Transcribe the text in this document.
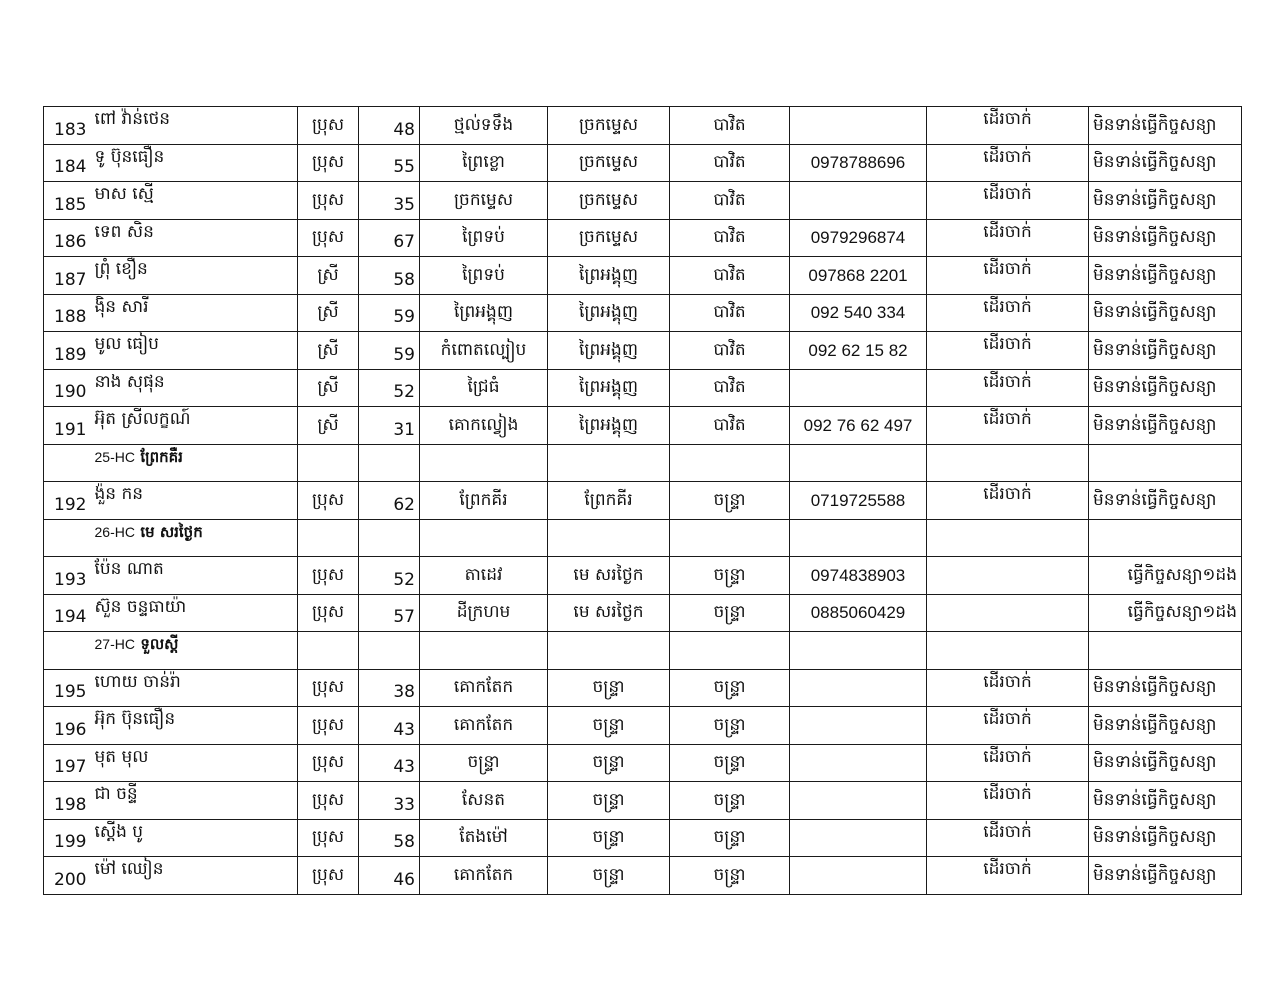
183	ពៅ វ៉ាន់ថេន	ប្រុស	48	ថ្មល់ទទឹង	ច្រកម្ទេស	បាវិត		ដើរចាក់	មិនទាន់ធ្វើកិច្ចសន្យា
184	ទូ ប៊ុនធឿន	ប្រុស	55	ព្រៃខ្លោ	ច្រកម្ទេស	បាវិត	0978788696	ដើរចាក់	មិនទាន់ធ្វើកិច្ចសន្យា
185	មាស ស្មើ	ប្រុស	35	ច្រកម្ទេស	ច្រកម្ទេស	បាវិត		ដើរចាក់	មិនទាន់ធ្វើកិច្ចសន្យា
186	ទេព សិន	ប្រុស	67	ព្រៃទប់	ច្រកម្ទេស	បាវិត	0979296874	ដើរចាក់	មិនទាន់ធ្វើកិច្ចសន្យា
187	ព្រុំ ខឿន	ស្រី	58	ព្រៃទប់	ព្រៃអង្គុញ	បាវិត	097868 2201	ដើរចាក់	មិនទាន់ធ្វើកិច្ចសន្យា
188	ង៉ិន សារី	ស្រី	59	ព្រៃអង្គុញ	ព្រៃអង្គុញ	បាវិត	092 540 334	ដើរចាក់	មិនទាន់ធ្វើកិច្ចសន្យា
189	មូល ធៀប	ស្រី	59	កំពោតល្បៀប	ព្រៃអង្គុញ	បាវិត	092 62 15 82	ដើរចាក់	មិនទាន់ធ្វើកិច្ចសន្យា
190	នាង សុផុន	ស្រី	52	ជ្រៃធំ	ព្រៃអង្គុញ	បាវិត		ដើរចាក់	មិនទាន់ធ្វើកិច្ចសន្យា
191	អ៊ុត ស្រីលក្ខណ៍	ស្រី	31	គោកល្វៀង	ព្រៃអង្គុញ	បាវិត	092 76 62 497	ដើរចាក់	មិនទាន់ធ្វើកិច្ចសន្យា
	25-HC ព្រែកគឺរ								
192	ង៉ួន កន	ប្រុស	62	ព្រែកគីរ	ព្រែកគីរ	ចន្ទ្រា	0719725588	ដើរចាក់	មិនទាន់ធ្វើកិច្ចសន្យា
	26-HC មេ សរថ្ងៃក								
193	ប៉ែន ណាត	ប្រុស	52	តាដេវ	មេ សរថ្ងៃក	ចន្ទ្រា	0974838903		ធ្វើកិច្ចសន្យា១ដង
194	ស៊ួន ចន្ទធាយ៉ា	ប្រុស	57	ដីក្រហម	មេ សរថ្ងៃក	ចន្ទ្រា	0885060429		ធ្វើកិច្ចសន្យា១ដង
	27-HC ទួលស្តី								
195	ហោយ ចាន់រ៉ា	ប្រុស	38	គោកតែក	ចន្ទ្រា	ចន្ទ្រា		ដើរចាក់	មិនទាន់ធ្វើកិច្ចសន្យា
196	អ៊ុក ប៊ុនធឿន	ប្រុស	43	គោកតែក	ចន្ទ្រា	ចន្ទ្រា		ដើរចាក់	មិនទាន់ធ្វើកិច្ចសន្យា
197	មុត មុល	ប្រុស	43	ចន្ទ្រា	ចន្ទ្រា	ចន្ទ្រា		ដើរចាក់	មិនទាន់ធ្វើកិច្ចសន្យា
198	ជា ចន្ទី	ប្រុស	33	សែនត	ចន្ទ្រា	ចន្ទ្រា		ដើរចាក់	មិនទាន់ធ្វើកិច្ចសន្យា
199	ស្តើង បូ	ប្រុស	58	តែងម៉ៅ	ចន្ទ្រា	ចន្ទ្រា		ដើរចាក់	មិនទាន់ធ្វើកិច្ចសន្យា
200	ម៉ៅ ឈៀន	ប្រុស	46	គោកតែក	ចន្ទ្រា	ចន្ទ្រា		ដើរចាក់	មិនទាន់ធ្វើកិច្ចសន្យា
